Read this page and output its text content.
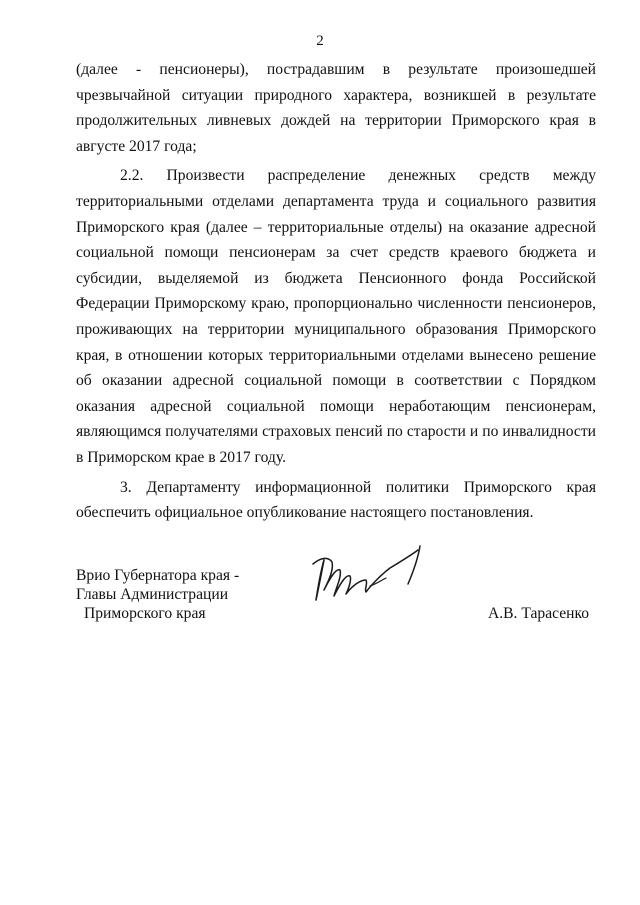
2

(далее - пенсионеры), пострадавшим в результате произошедшей чрезвычайной ситуации природного характера, возникшей в результате продолжительных ливневых дождей на территории Приморского края в августе 2017 года;

2.2. Произвести распределение денежных средств между территориальными отделами департамента труда и социального развития Приморского края (далее – территориальные отделы) на оказание адресной социальной помощи пенсионерам за счет средств краевого бюджета и субсидии, выделяемой из бюджета Пенсионного фонда Российской Федерации Приморскому краю, пропорционально численности пенсионеров, проживающих на территории муниципального образования Приморского края, в отношении которых территориальными отделами вынесено решение об оказании адресной социальной помощи в соответствии с Порядком оказания адресной социальной помощи неработающим пенсионерам, являющимся получателями страховых пенсий по старости и по инвалидности в Приморском крае в 2017 году.

3. Департаменту информационной политики Приморского края обеспечить официальное опубликование настоящего постановления.

Врио Губернатора края -
Главы Администрации
Приморского края	А.В. Тарасенко
